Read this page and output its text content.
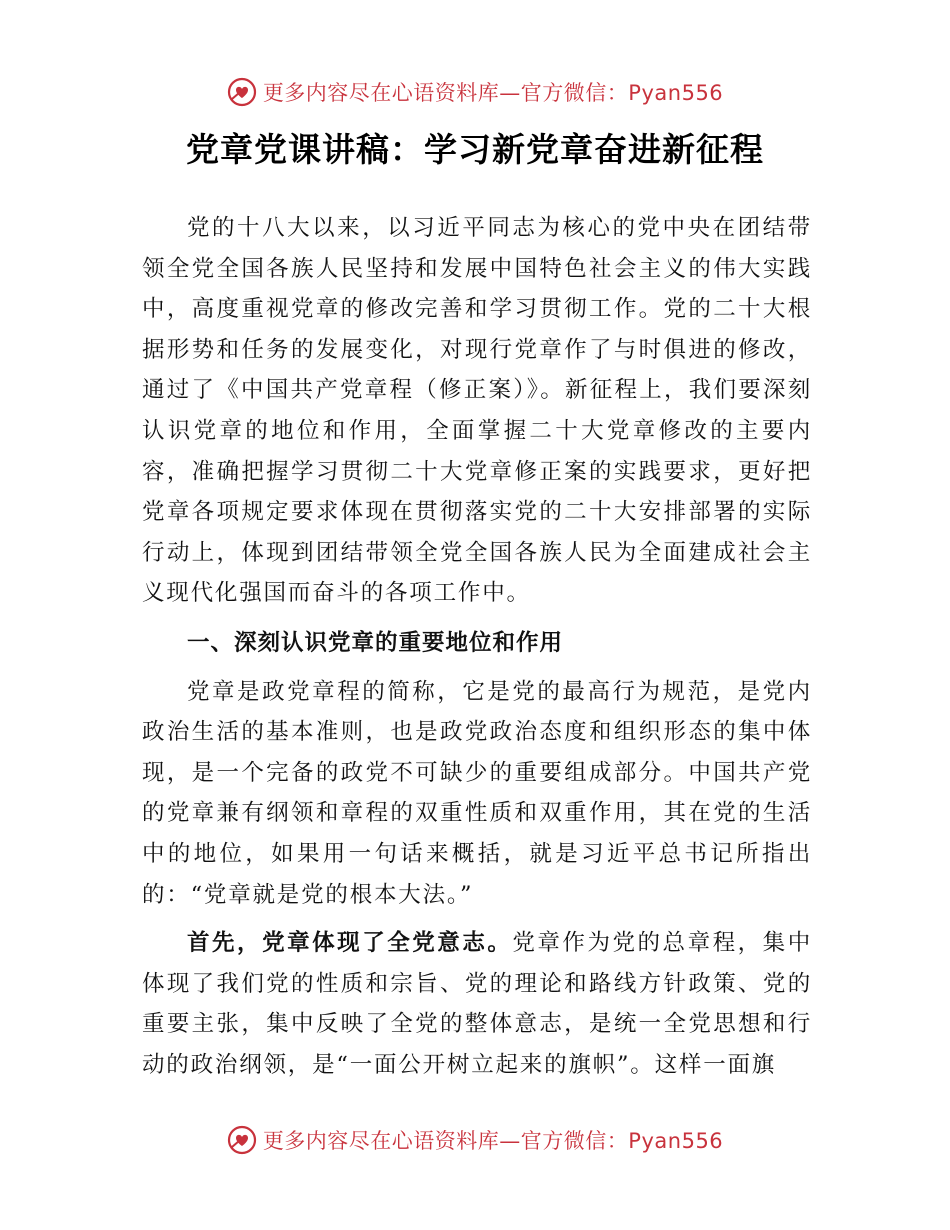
更多内容尽在心语资料库—官方微信：Pyan556
党章党课讲稿：学习新党章奋进新征程

党的十八大以来，以习近平同志为核心的党中央在团结带领全党全国各族人民坚持和发展中国特色社会主义的伟大实践中，高度重视党章的修改完善和学习贯彻工作。党的二十大根据形势和任务的发展变化，对现行党章作了与时俱进的修改，通过了《中国共产党章程（修正案）》。新征程上，我们要深刻认识党章的地位和作用，全面掌握二十大党章修改的主要内容，准确把握学习贯彻二十大党章修正案的实践要求，更好把党章各项规定要求体现在贯彻落实党的二十大安排部署的实际行动上，体现到团结带领全党全国各族人民为全面建成社会主义现代化强国而奋斗的各项工作中。

一、深刻认识党章的重要地位和作用

党章是政党章程的简称，它是党的最高行为规范，是党内政治生活的基本准则，也是政党政治态度和组织形态的集中体现，是一个完备的政党不可缺少的重要组成部分。中国共产党的党章兼有纲领和章程的双重性质和双重作用，其在党的生活中的地位，如果用一句话来概括，就是习近平总书记所指出的：“党章就是党的根本大法。”

首先，党章体现了全党意志。党章作为党的总章程，集中体现了我们党的性质和宗旨、党的理论和路线方针政策、党的重要主张，集中反映了全党的整体意志，是统一全党思想和行动的政治纲领，是“一面公开树立起来的旗帜”。这样一面旗

更多内容尽在心语资料库—官方微信：Pyan556
